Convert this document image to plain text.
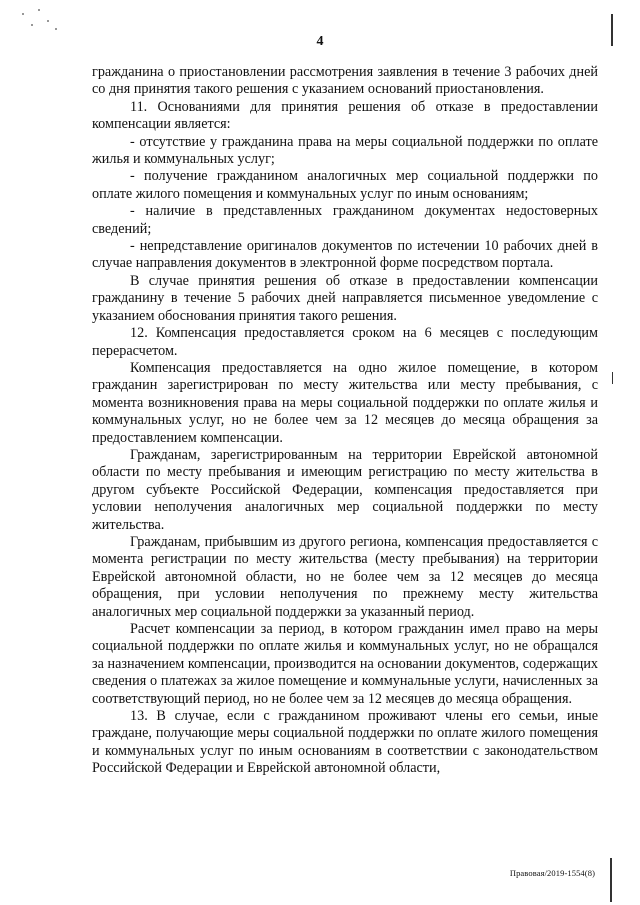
4

гражданина о приостановлении рассмотрения заявления в течение 3 рабочих дней со дня принятия такого решения с указанием оснований приостановления.

11. Основаниями для принятия решения об отказе в предоставлении компенсации является:

- отсутствие у гражданина права на меры социальной поддержки по оплате жилья и коммунальных услуг;

- получение гражданином аналогичных мер социальной поддержки по оплате жилого помещения и коммунальных услуг по иным основаниям;

- наличие в представленных гражданином документах недостоверных сведений;

- непредставление оригиналов документов по истечении 10 рабочих дней в случае направления документов в электронной форме посредством портала.

В случае принятия решения об отказе в предоставлении компенсации гражданину в течение 5 рабочих дней направляется письменное уведомление с указанием обоснования принятия такого решения.

12. Компенсация предоставляется сроком на 6 месяцев с последующим перерасчетом.

Компенсация предоставляется на одно жилое помещение, в котором гражданин зарегистрирован по месту жительства или месту пребывания, с момента возникновения права на меры социальной поддержки по оплате жилья и коммунальных услуг, но не более чем за 12 месяцев до месяца обращения за предоставлением компенсации.

Гражданам, зарегистрированным на территории Еврейской автономной области по месту пребывания и имеющим регистрацию по месту жительства в другом субъекте Российской Федерации, компенсация предоставляется при условии неполучения аналогичных мер социальной поддержки по месту жительства.

Гражданам, прибывшим из другого региона, компенсация предоставляется с момента регистрации по месту жительства (месту пребывания) на территории Еврейской автономной области, но не более чем за 12 месяцев до месяца обращения, при условии неполучения по прежнему месту жительства аналогичных мер социальной поддержки за указанный период.

Расчет компенсации за период, в котором гражданин имел право на меры социальной поддержки по оплате жилья и коммунальных услуг, но не обращался за назначением компенсации, производится на основании документов, содержащих сведения о платежах за жилое помещение и коммунальные услуги, начисленных за соответствующий период, но не более чем за 12 месяцев до месяца обращения.

13. В случае, если с гражданином проживают члены его семьи, иные граждане, получающие меры социальной поддержки по оплате жилого помещения и коммунальных услуг по иным основаниям в соответствии с законодательством Российской Федерации и Еврейской автономной области,

Правовая/2019-1554(8)
